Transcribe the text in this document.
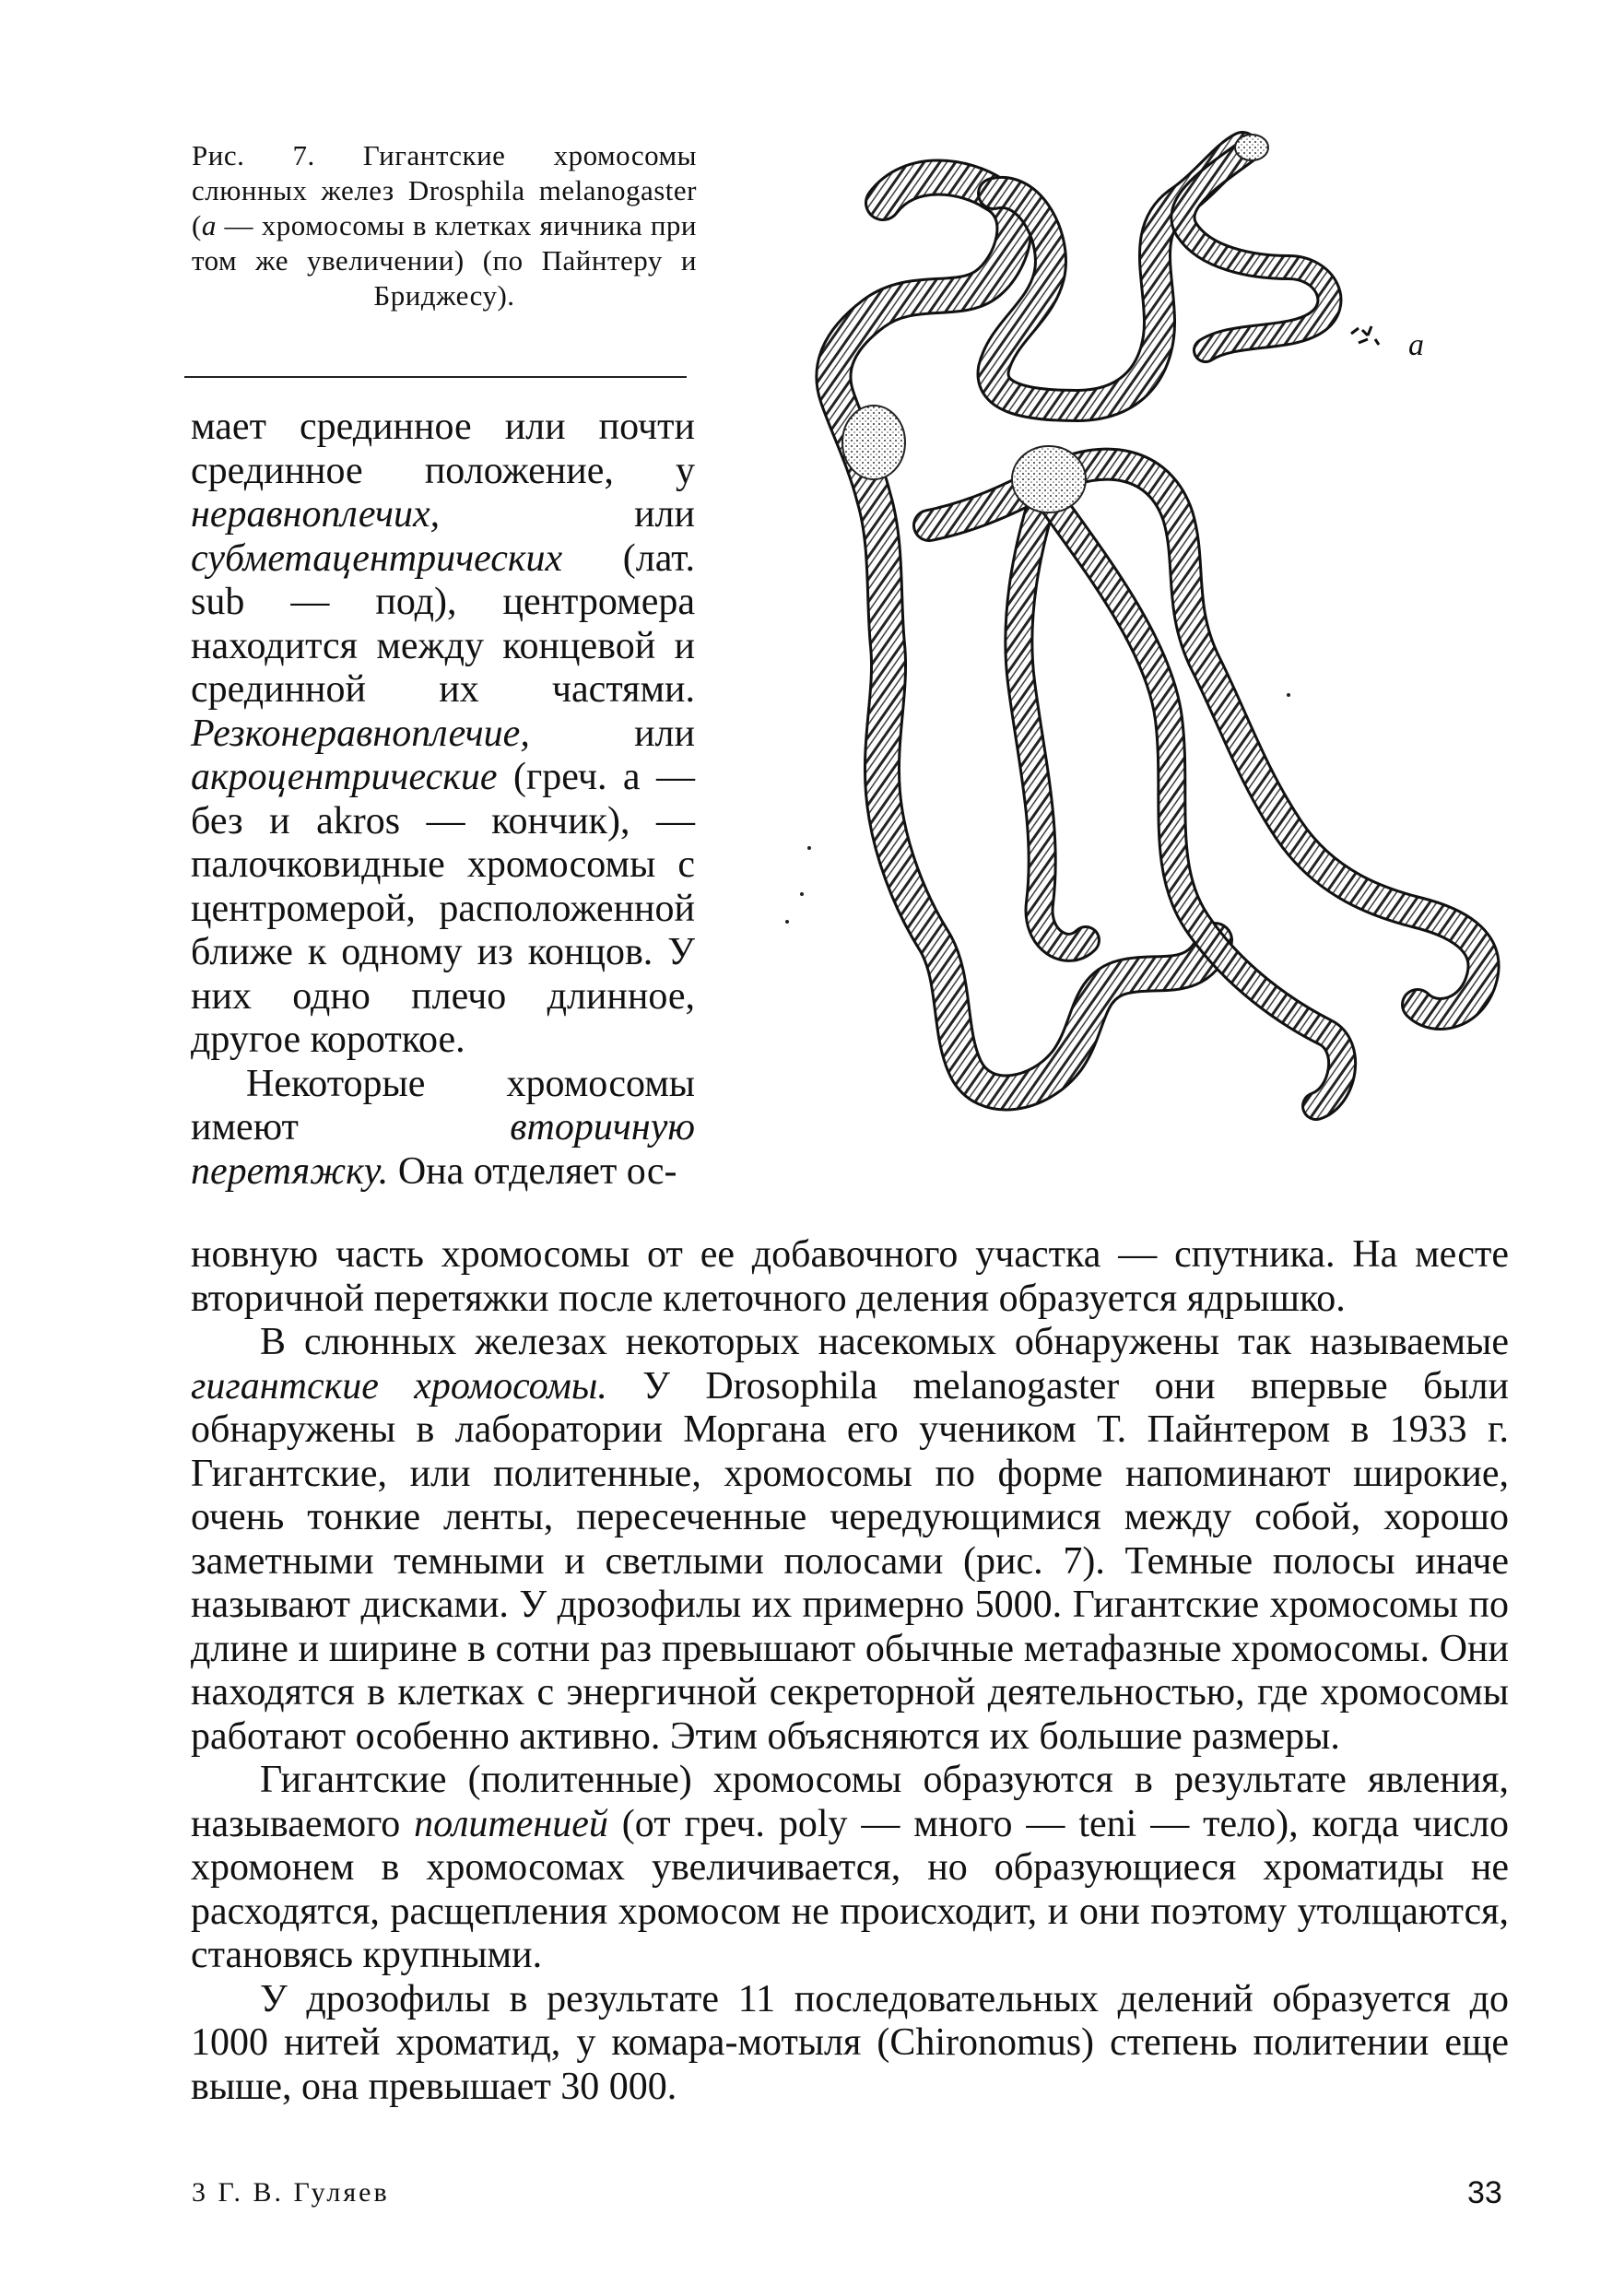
Рис. 7. Гигантские хромосомы слюнных желез Drosphila melanogaster (а — хромосомы в клетках яичника при том же увеличении) (по Пайнтеру и Бриджесу).

мает срединное или почти срединное положение, у неравноплечих, или субметацентрических (лат. sub — под), центромера находится между концевой и срединной их частями. Резконеравноплечие, или акроцентрические (греч. а — без и akros — кончик), — палочковидные хромосомы с центромерой, расположенной ближе к одному из концов. У них одно плечо длинное, другое короткое.

Некоторые хромосомы имеют вторичную перетяжку. Она отделяет ос-

а

новную часть хромосомы от ее добавочного участка — спутника. На месте вторичной перетяжки после клеточного деления образуется ядрышко.

В слюнных железах некоторых насекомых обнаружены так называемые гигантские хромосомы. У Drosophila melanogaster они впервые были обнаружены в лаборатории Моргана его учеником Т. Пайнтером в 1933 г. Гигантские, или политенные, хромосомы по форме напоминают широкие, очень тонкие ленты, пересеченные чередующимися между собой, хорошо заметными темными и светлыми полосами (рис. 7). Темные полосы иначе называют дисками. У дрозофилы их примерно 5000. Гигантские хромосомы по длине и ширине в сотни раз превышают обычные метафазные хромосомы. Они находятся в клетках с энергичной секреторной деятельностью, где хромосомы работают особенно активно. Этим объясняются их большие размеры.

Гигантские (политенные) хромосомы образуются в результате явления, называемого политенией (от греч. poly — много — teni — тело), когда число хромонем в хромосомах увеличивается, но образующиеся хроматиды не расходятся, расщепления хромосом не происходит, и они поэтому утолщаются, становясь крупными.

У дрозофилы в результате 11 последовательных делений образуется до 1000 нитей хроматид, у комара-мотыля (Chironomus) степень политении еще выше, она превышает 30 000.

3 Г. В. Гуляев	33
